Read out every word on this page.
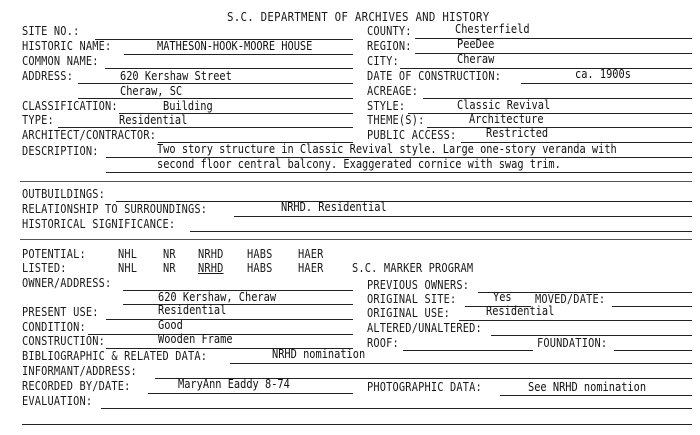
S.C. DEPARTMENT OF ARCHIVES AND HISTORY
SITE NO.:
HISTORIC NAME:	MATHESON-HOOK-MOORE HOUSE
COMMON NAME:
ADDRESS:	620 Kershaw Street
Cheraw, SC
CLASSIFICATION:	Building
TYPE:	Residential
ARCHITECT/CONTRACTOR:
COUNTY:	Chesterfield
REGION:	PeeDee
CITY:	Cheraw
DATE OF CONSTRUCTION:	ca. 1900s
ACREAGE:
STYLE:	Classic Revival
THEME(S):	Architecture
PUBLIC ACCESS: Restricted
DESCRIPTION:	Two story structure in Classic Revival style. Large one-story veranda with
second floor central balcony. Exaggerated cornice with swag trim.
OUTBUILDINGS:
RELATIONSHIP TO SURROUNDINGS:	NRHD. Residential
HISTORICAL SIGNIFICANCE:
POTENTIAL:	NHL NR NRHD HABS HAER
LISTED:	NHL NR NRHD HABS HAER S.C. MARKER PROGRAM
OWNER/ADDRESS:
620 Kershaw, Cheraw
PREVIOUS OWNERS:
ORIGINAL SITE:	Yes MOVED/DATE:
PRESENT USE:	Residential	ORIGINAL USE:	Residential
CONDITION:	Good	ALTERED/UNALTERED:
CONSTRUCTION:	Wooden Frame	ROOF:	FOUNDATION:
BIBLIOGRAPHIC & RELATED DATA:	NRHD nomination
INFORMANT/ADDRESS:
RECORDED BY/DATE:	MaryAnn Eaddy 8-74	PHOTOGRAPHIC DATA:	See NRHD nomination
EVALUATION:
